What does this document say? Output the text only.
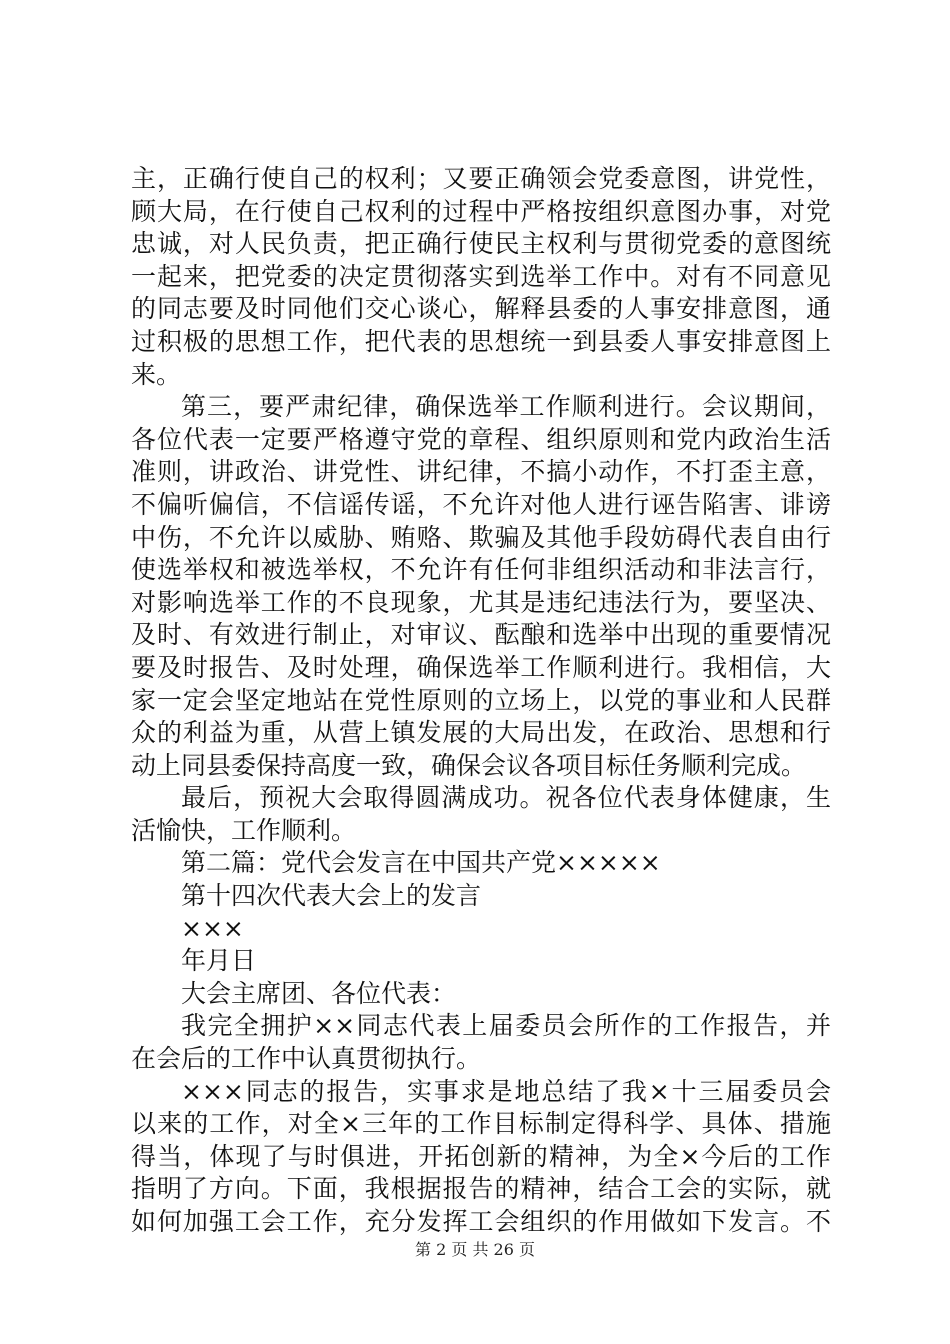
主，正确行使自己的权利；又要正确领会党委意图，讲党性，
顾大局，在行使自己权利的过程中严格按组织意图办事，对党
忠诚，对人民负责，把正确行使民主权利与贯彻党委的意图统
一起来，把党委的决定贯彻落实到选举工作中。对有不同意见
的同志要及时同他们交心谈心，解释县委的人事安排意图，通
过积极的思想工作，把代表的思想统一到县委人事安排意图上
来。
第三，要严肃纪律，确保选举工作顺利进行。会议期间，
各位代表一定要严格遵守党的章程、组织原则和党内政治生活
准则，讲政治、讲党性、讲纪律，不搞小动作，不打歪主意，
不偏听偏信，不信谣传谣，不允许对他人进行诬告陷害、诽谤
中伤，不允许以威胁、贿赂、欺骗及其他手段妨碍代表自由行
使选举权和被选举权，不允许有任何非组织活动和非法言行，
对影响选举工作的不良现象，尤其是违纪违法行为，要坚决、
及时、有效进行制止，对审议、酝酿和选举中出现的重要情况
要及时报告、及时处理，确保选举工作顺利进行。我相信，大
家一定会坚定地站在党性原则的立场上，以党的事业和人民群
众的利益为重，从营上镇发展的大局出发，在政治、思想和行
动上同县委保持高度一致，确保会议各项目标任务顺利完成。
最后，预祝大会取得圆满成功。祝各位代表身体健康，生
活愉快，工作顺利。
第二篇：党代会发言在中国共产党×××××
第十四次代表大会上的发言
×××
年月日
大会主席团、各位代表：
我完全拥护××同志代表上届委员会所作的工作报告，并
在会后的工作中认真贯彻执行。
×××同志的报告，实事求是地总结了我×十三届委员会
以来的工作，对全×三年的工作目标制定得科学、具体、措施
得当，体现了与时俱进，开拓创新的精神，为全×今后的工作
指明了方向。下面，我根据报告的精神，结合工会的实际，就
如何加强工会工作，充分发挥工会组织的作用做如下发言。不
第 2 页 共 26 页
